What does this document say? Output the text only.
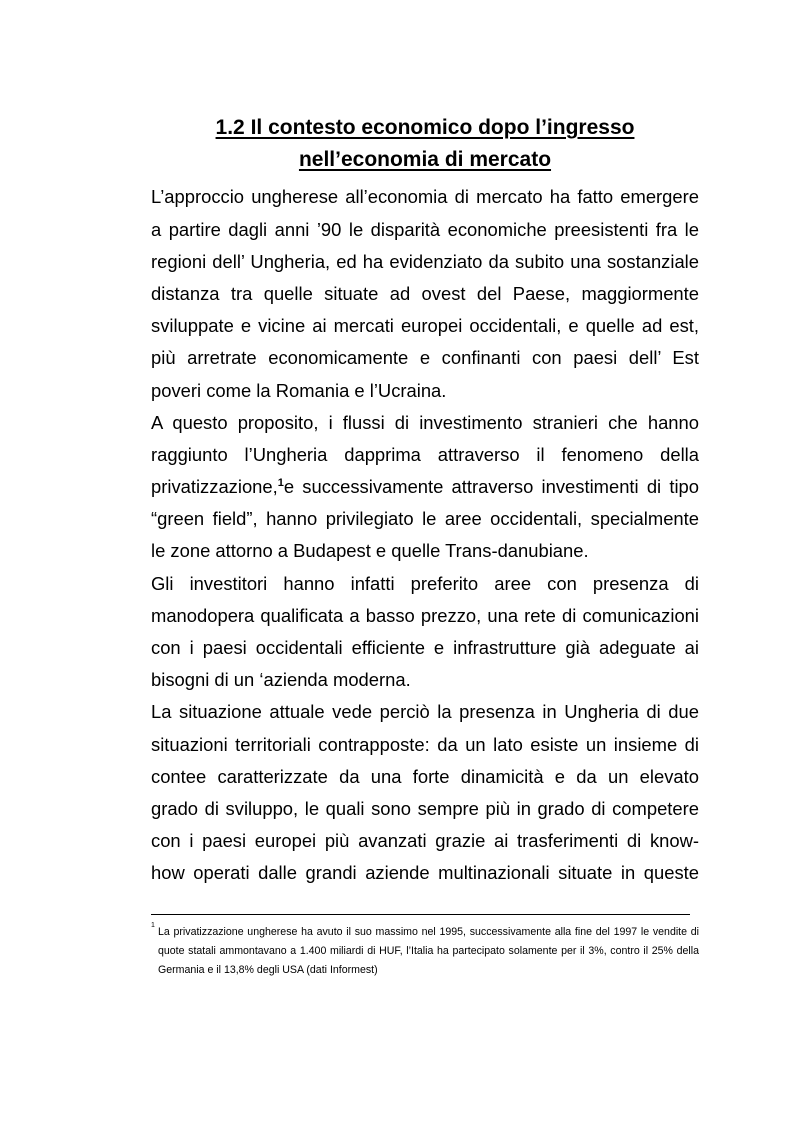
1.2 Il contesto economico dopo l’ingresso
nell’economia di mercato
L’approccio ungherese all’economia di mercato ha fatto emergere
a partire dagli anni ’90 le disparità economiche preesistenti fra le
regioni dell’ Ungheria, ed ha evidenziato da subito una sostanziale
distanza tra quelle situate ad ovest del Paese, maggiormente
sviluppate e vicine ai mercati europei occidentali, e quelle ad est,
più arretrate economicamente e confinanti con paesi dell’ Est
poveri come la Romania e l’Ucraina.
A questo proposito, i flussi di investimento stranieri che hanno
raggiunto l’Ungheria dapprima attraverso il fenomeno della
privatizzazione,$^1$e successivamente attraverso investimenti di tipo
“green field”, hanno privilegiato le aree occidentali, specialmente
le zone attorno a Budapest e quelle Trans-danubiane.
Gli investitori hanno infatti preferito aree con presenza di
manodopera qualificata a basso prezzo, una rete di comunicazioni
con i paesi occidentali efficiente e infrastrutture già adeguate ai
bisogni di un ‘azienda moderna.
La situazione attuale vede perciò la presenza in Ungheria di due
situazioni territoriali contrapposte: da un lato esiste un insieme di
contee caratterizzate da una forte dinamicità e da un elevato
grado di sviluppo, le quali sono sempre più in grado di competere
con i paesi europei più avanzati grazie ai trasferimenti di know-
how operati dalle grandi aziende multinazionali situate in queste
1
La privatizzazione ungherese ha avuto il suo massimo nel 1995, successivamente alla fine del 1997 le vendite di
quote statali ammontavano a 1.400 miliardi di HUF, l’Italia ha partecipato solamente per il 3%, contro il 25% della
Germania e il 13,8% degli USA (dati Informest)
